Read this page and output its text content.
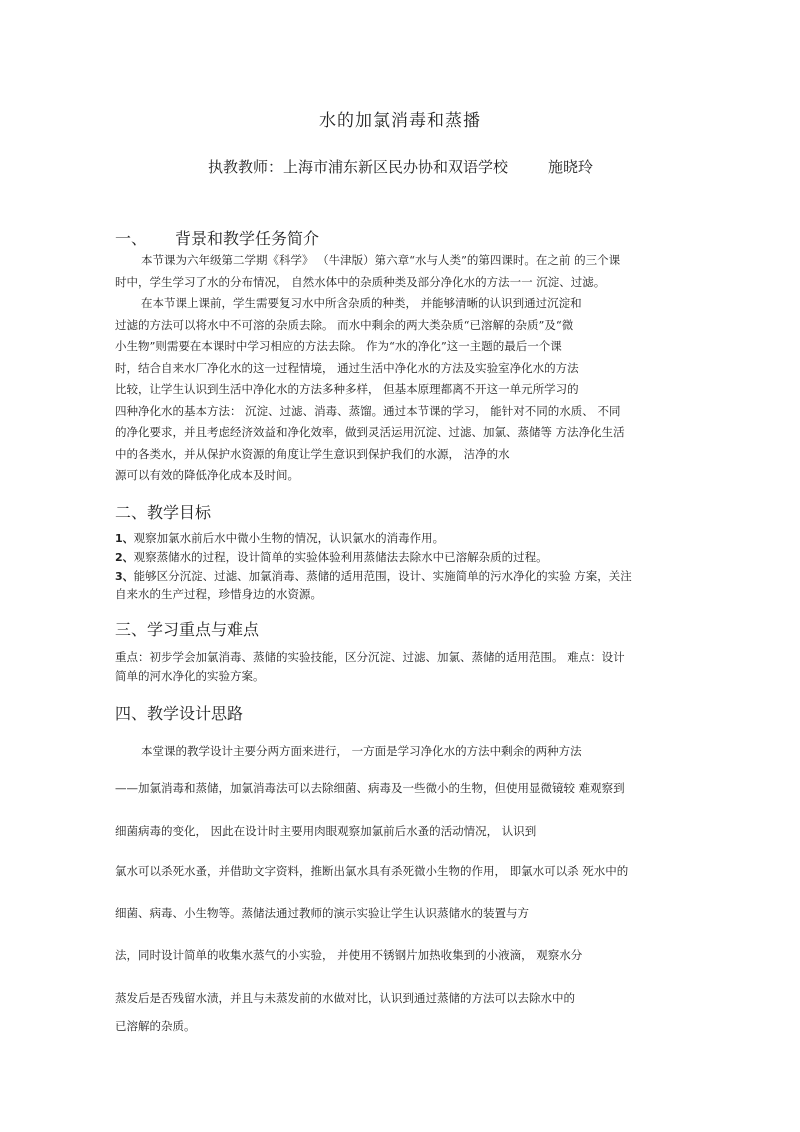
水的加氯消毒和蒸播
执教教师：上海市浦东新区民办协和双语学校	施晓玲
一、 背景和教学任务简介
本节课为六年级第二学期《科学》 （牛津版）第六章“水与人类”的第四课时。在之前 的三个课
时中，学生学习了水的分布情况， 自然水体中的杂质种类及部分净化水的方法一一 沉淀、过滤。
在本节课上课前，学生需要复习水中所含杂质的种类， 并能够清晰的认识到通过沉淀和
过滤的方法可以将水中不可溶的杂质去除。 而水中剩余的两大类杂质“已溶解的杂质”及“微
小生物”则需要在本课时中学习相应的方法去除。 作为“水的净化”这一主题的最后一个课
时，结合自来水厂净化水的这一过程情境， 通过生活中净化水的方法及实验室净化水的方法
比较，让学生认识到生活中净化水的方法多种多样， 但基本原理都离不开这一单元所学习的
四种净化水的基本方法： 沉淀、过滤、消毒、蒸馏。通过本节课的学习， 能针对不同的水质、 不同
的净化要求，并且考虑经济效益和净化效率，做到灵活运用沉淀、过滤、加氯、蒸储等 方法净化生活
中的各类水，并从保护水资源的角度让学生意识到保护我们的水源， 洁净的水
源可以有效的降低净化成本及时间。
二、教学目标
1、观察加氯水前后水中微小生物的情况，认识氯水的消毒作用。
2、观察蒸储水的过程，设计简单的实验体验利用蒸储法去除水中已溶解杂质的过程。
3、能够区分沉淀、过滤、加氯消毒、蒸储的适用范围，设计、实施简单的污水净化的实验 方案，关注
自来水的生产过程，珍惜身边的水资源。
三、学习重点与难点
重点：初步学会加氯消毒、蒸储的实验技能，区分沉淀、过滤、加氯、蒸储的适用范围。 难点：设计
简单的河水净化的实验方案。
四、教学设计思路
本堂课的教学设计主要分两方面来进行， 一方面是学习净化水的方法中剩余的两种方法
——加氯消毒和蒸储，加氯消毒法可以去除细菌、病毒及一些微小的生物，但使用显微镜较 难观察到
细菌病毒的变化， 因此在设计时主要用肉眼观察加氯前后水蚤的活动情况， 认识到
氯水可以杀死水蚤，并借助文字资料，推断出氯水具有杀死微小生物的作用， 即氯水可以杀 死水中的
细菌、病毒、小生物等。蒸储法通过教师的演示实验让学生认识蒸储水的装置与方
法，同时设计简单的收集水蒸气的小实验， 并使用不锈钢片加热收集到的小液滴， 观察水分
蒸发后是否残留水渍，并且与未蒸发前的水做对比，认识到通过蒸储的方法可以去除水中的
已溶解的杂质。
